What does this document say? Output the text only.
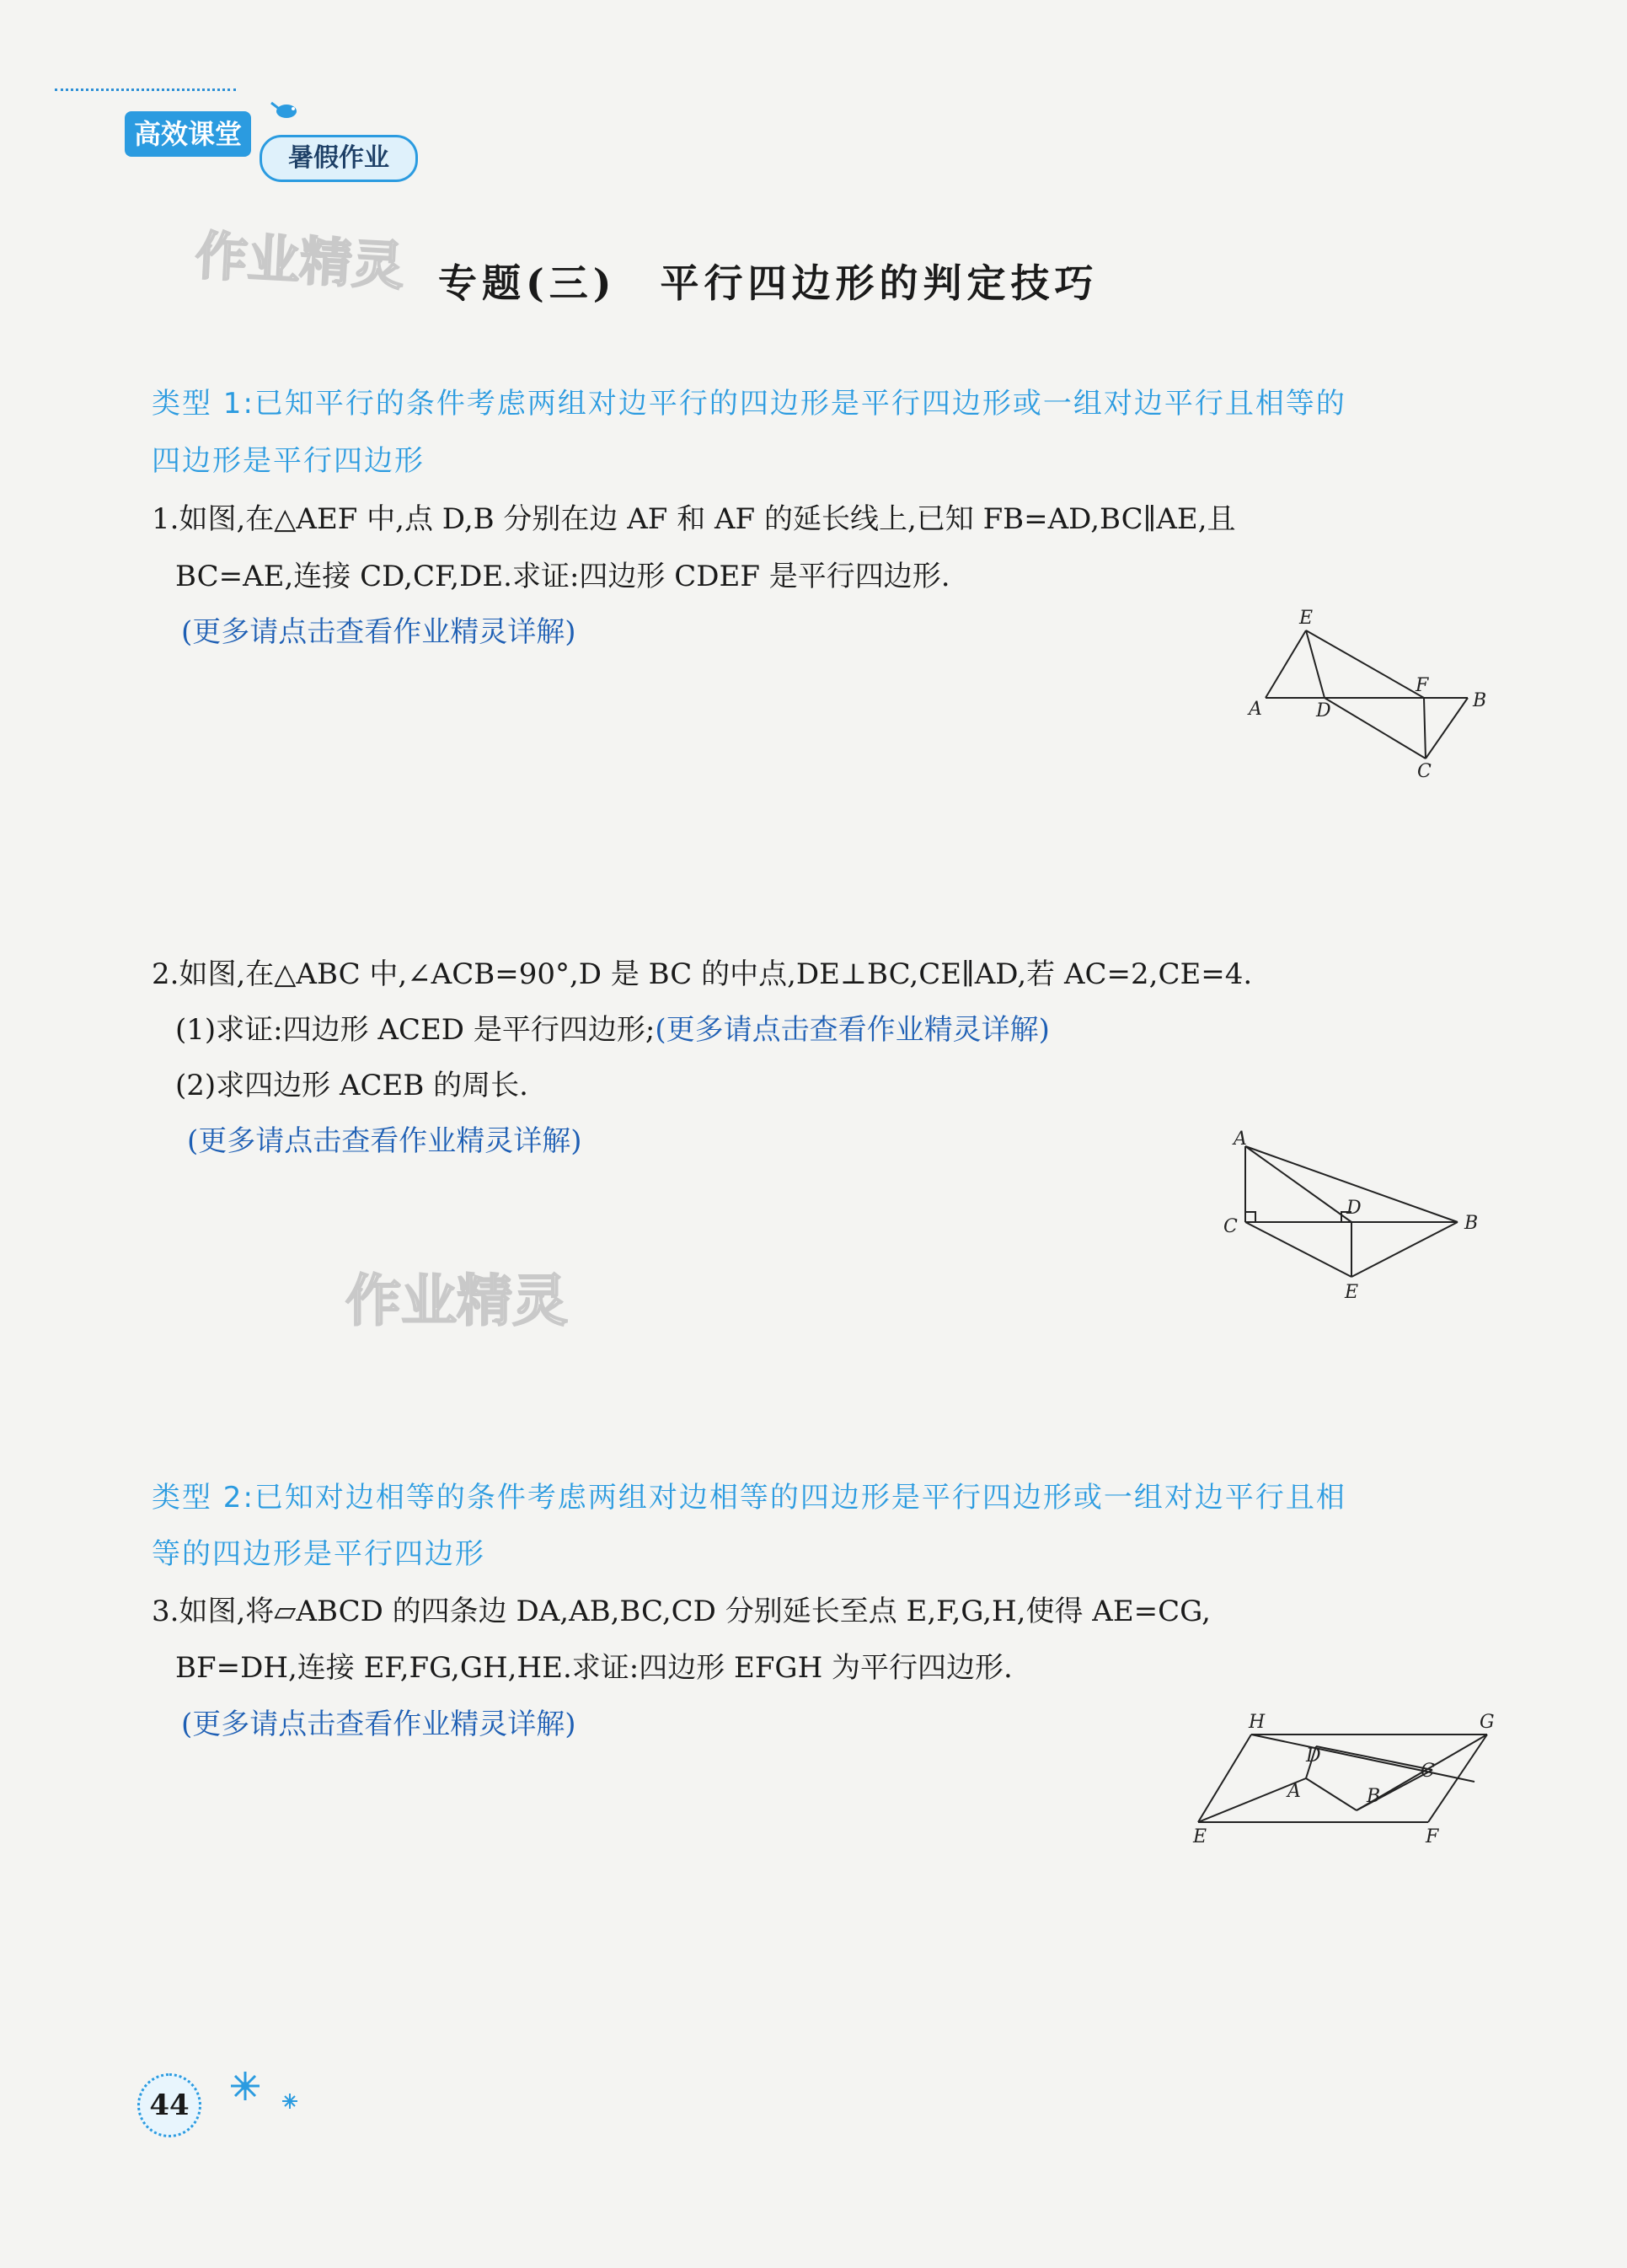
高效课堂
暑假作业
作业精灵
作业精灵
专题(三)　平行四边形的判定技巧
类型 1:已知平行的条件考虑两组对边平行的四边形是平行四边形或一组对边平行且相等的
四边形是平行四边形
1.如图,在△AEF 中,点 D,B 分别在边 AF 和 AF 的延长线上,已知 FB=AD,BC∥AE,且
BC=AE,连接 CD,CF,DE.求证:四边形 CDEF 是平行四边形.
(更多请点击查看作业精灵详解)	E
F
B
A	D
C
2.如图,在△ABC 中,∠ACB=90°,D 是 BC 的中点,DE⊥BC,CE∥AD,若 AC=2,CE=4.
(1)求证:四边形 ACED 是平行四边形;(更多请点击查看作业精灵详解)
(2)求四边形 ACEB 的周长.
(更多请点击查看作业精灵详解)	A
D
C	B
E
类型 2:已知对边相等的条件考虑两组对边相等的四边形是平行四边形或一组对边平行且相
等的四边形是平行四边形
3.如图,将▱ABCD 的四条边 DA,AB,BC,CD 分别延长至点 E,F,G,H,使得 AE=CG,
BF=DH,连接 EF,FG,GH,HE.求证:四边形 EFGH 为平行四边形.
(更多请点击查看作业精灵详解)	H	G
D
C
A	B
E	F
44
